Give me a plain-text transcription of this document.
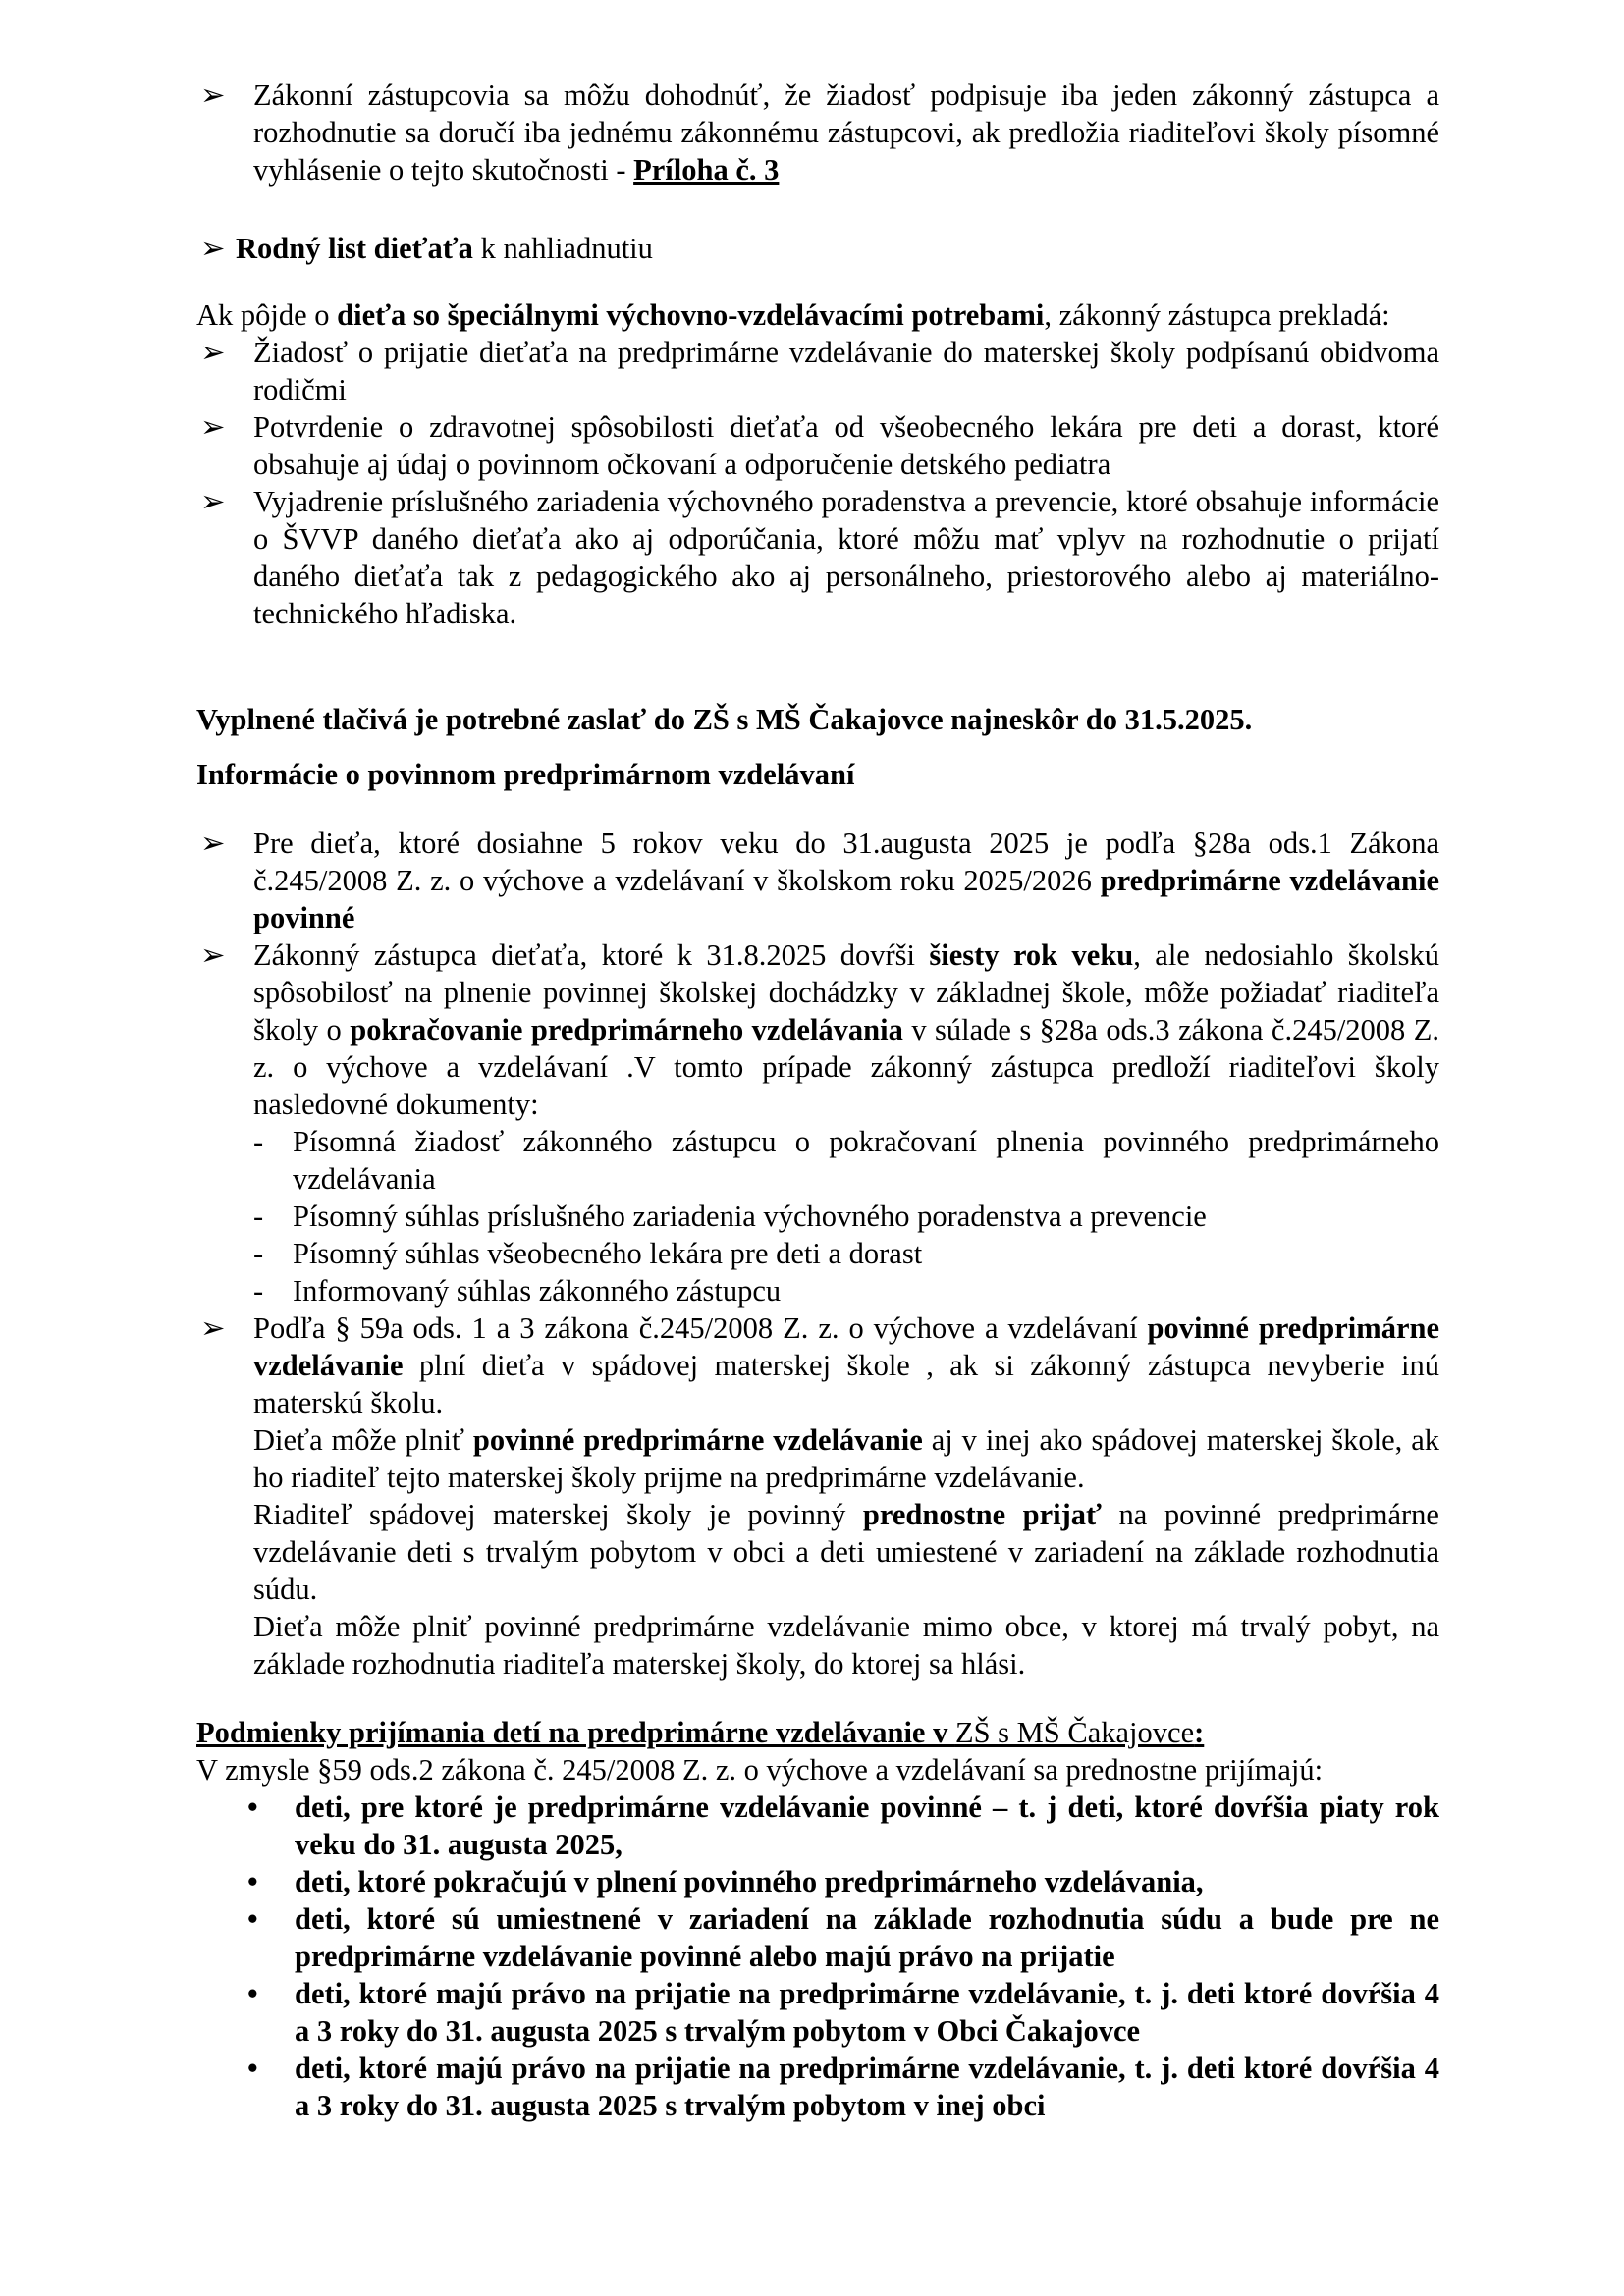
➢ Zákonní zástupcovia sa môžu dohodnúť, že žiadosť podpisuje iba jeden zákonný zástupca a rozhodnutie sa doručí iba jednému zákonnému zástupcovi, ak predložia riaditeľovi školy písomné vyhlásenie o tejto skutočnosti - Príloha č. 3
➢ Rodný list dieťaťa k nahliadnutiu
Ak pôjde o dieťa so špeciálnymi výchovno-vzdelávacími potrebami, zákonný zástupca prekladá:
➢ Žiadosť o prijatie dieťaťa na predprimárne vzdelávanie do materskej školy podpísanú obidvoma rodičmi
➢ Potvrdenie o zdravotnej spôsobilosti dieťaťa od všeobecného lekára pre deti a dorast, ktoré obsahuje aj údaj o povinnom očkovaní a odporučenie detského pediatra
➢ Vyjadrenie príslušného zariadenia výchovného poradenstva a prevencie, ktoré obsahuje informácie o ŠVVP daného dieťaťa ako aj odporúčania, ktoré môžu mať vplyv na rozhodnutie o prijatí daného dieťaťa tak z pedagogického ako aj personálneho, priestorového alebo aj materiálno-technického hľadiska.
Vyplnené tlačivá je potrebné zaslať do ZŠ s MŠ Čakajovce najneskôr do 31.5.2025.
Informácie o povinnom predprimárnom vzdelávaní
➢ Pre dieťa, ktoré dosiahne 5 rokov veku do 31.augusta 2025 je podľa §28a ods.1 Zákona č.245/2008 Z. z. o výchove a vzdelávaní v školskom roku 2025/2026 predprimárne vzdelávanie povinné
➢ Zákonný zástupca dieťaťa, ktoré k 31.8.2025 dovŕši šiesty rok veku, ale nedosiahlo školskú spôsobilosť na plnenie povinnej školskej dochádzky v základnej škole, môže požiadať riaditeľa školy o pokračovanie predprimárneho vzdelávania v súlade s §28a ods.3 zákona č.245/2008 Z. z. o výchove a vzdelávaní .V tomto prípade zákonný zástupca predloží riaditeľovi školy nasledovné dokumenty:
- Písomná žiadosť zákonného zástupcu o pokračovaní plnenia povinného predprimárneho vzdelávania
- Písomný súhlas príslušného zariadenia výchovného poradenstva a prevencie
- Písomný súhlas všeobecného lekára pre deti a dorast
- Informovaný súhlas zákonného zástupcu
➢ Podľa § 59a ods. 1 a 3 zákona č.245/2008 Z. z. o výchove a vzdelávaní povinné predprimárne vzdelávanie plní dieťa v spádovej materskej škole , ak si zákonný zástupca nevyberie inú materskú školu.
Dieťa môže plniť povinné predprimárne vzdelávanie aj v inej ako spádovej materskej škole, ak ho riaditeľ tejto materskej školy prijme na predprimárne vzdelávanie.
Riaditeľ spádovej materskej školy je povinný prednostne prijať na povinné predprimárne vzdelávanie deti s trvalým pobytom v obci a deti umiestené v zariadení na základe rozhodnutia súdu.
Dieťa môže plniť povinné predprimárne vzdelávanie mimo obce, v ktorej má trvalý pobyt, na základe rozhodnutia riaditeľa materskej školy, do ktorej sa hlási.
Podmienky prijímania detí na predprimárne vzdelávanie v ZŠ s MŠ Čakajovce:
V zmysle §59 ods.2 zákona č. 245/2008 Z. z. o výchove a vzdelávaní sa prednostne prijímajú:
• deti, pre ktoré je predprimárne vzdelávanie povinné – t. j deti, ktoré dovŕšia piaty rok veku do 31. augusta 2025,
• deti, ktoré pokračujú v plnení povinného predprimárneho vzdelávania,
• deti, ktoré sú umiestnené v zariadení na základe rozhodnutia súdu a bude pre ne predprimárne vzdelávanie povinné alebo majú právo na prijatie
• deti, ktoré majú právo na prijatie na predprimárne vzdelávanie, t. j. deti ktoré dovŕšia 4 a 3 roky do 31. augusta 2025 s trvalým pobytom v Obci Čakajovce
• deti, ktoré majú právo na prijatie na predprimárne vzdelávanie, t. j. deti ktoré dovŕšia 4 a 3 roky do 31. augusta 2025 s trvalým pobytom v inej obci
